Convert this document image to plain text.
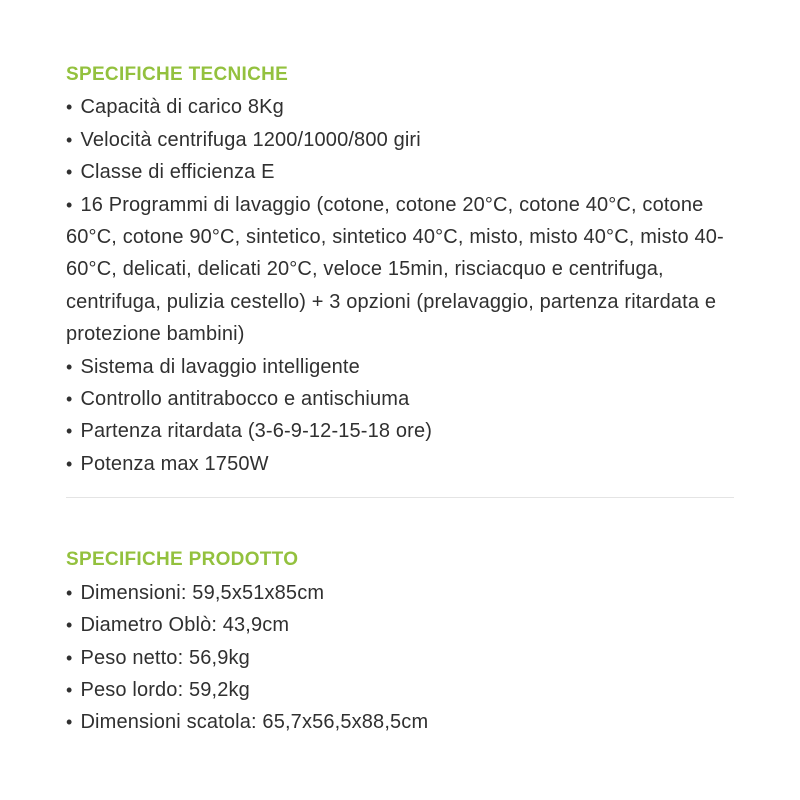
SPECIFICHE TECNICHE

• Capacità di carico 8Kg

• Velocità centrifuga 1200/1000/800 giri

• Classe di efficienza E

• 16 Programmi di lavaggio (cotone, cotone 20°C, cotone 40°C, cotone 60°C, cotone 90°C, sintetico, sintetico 40°C, misto, misto 40°C, misto 40-60°C, delicati, delicati 20°C, veloce 15min, risciacquo e centrifuga, centrifuga, pulizia cestello) + 3 opzioni (prelavaggio, partenza ritardata e protezione bambini)

• Sistema di lavaggio intelligente

• Controllo antitrabocco e antischiuma

• Partenza ritardata (3-6-9-12-15-18 ore)

• Potenza max 1750W

SPECIFICHE PRODOTTO

• Dimensioni: 59,5x51x85cm

• Diametro Oblò: 43,9cm

• Peso netto: 56,9kg

• Peso lordo: 59,2kg

• Dimensioni scatola: 65,7x56,5x88,5cm
